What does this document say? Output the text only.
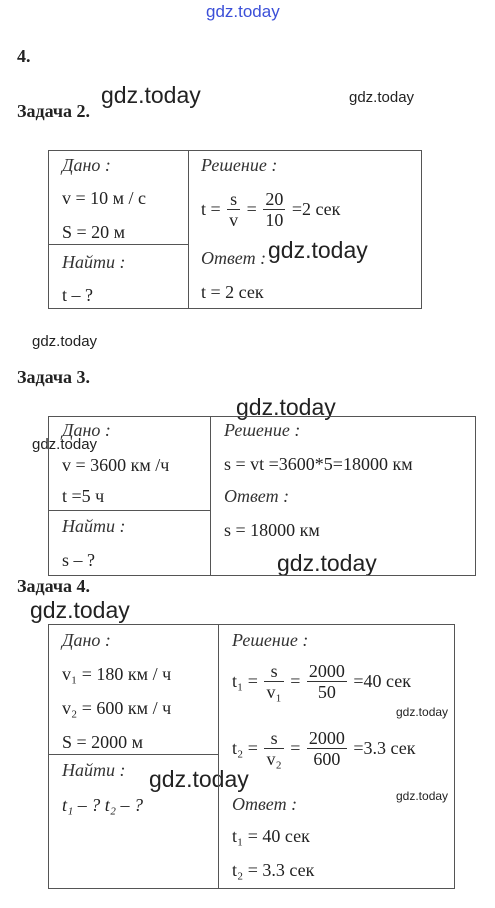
gdz.today
gdz.today	gdz.today
gdz.today
gdz.today
gdz.today
gdz.today
gdz.today
gdz.today
gdz.today
gdz.today
gdz.today
4.
Задача 2.
Дано :
v = 10 м / с
S = 20 м
Найти :
t – ?
Решение :
$t = \frac{s}{v} = \frac{20}{10} =2$ сек
Ответ :
t = 2 сек
Задача 3.
Дано :
v = 3600 км /ч
t =5 ч
Найти :
s – ?
Решение :
s = vt =3600*5=18000 км
Ответ :
s = 18000 км
Задача 4.
Дано :
v₁ = 180 км / ч
v₂ = 600 км / ч
S = 2000 м
Найти :
t₁ – ? t₂ – ?
Решение :
$t_1 = \frac{s}{\text{v₁}} = \frac{2000}{50} =40$ сек
$t_2 = \frac{s}{\text{v₂}} = \frac{2000}{600} =3.3$ сек
Ответ :
t₁ = 40 сек
t₂ = 3.3 сек
